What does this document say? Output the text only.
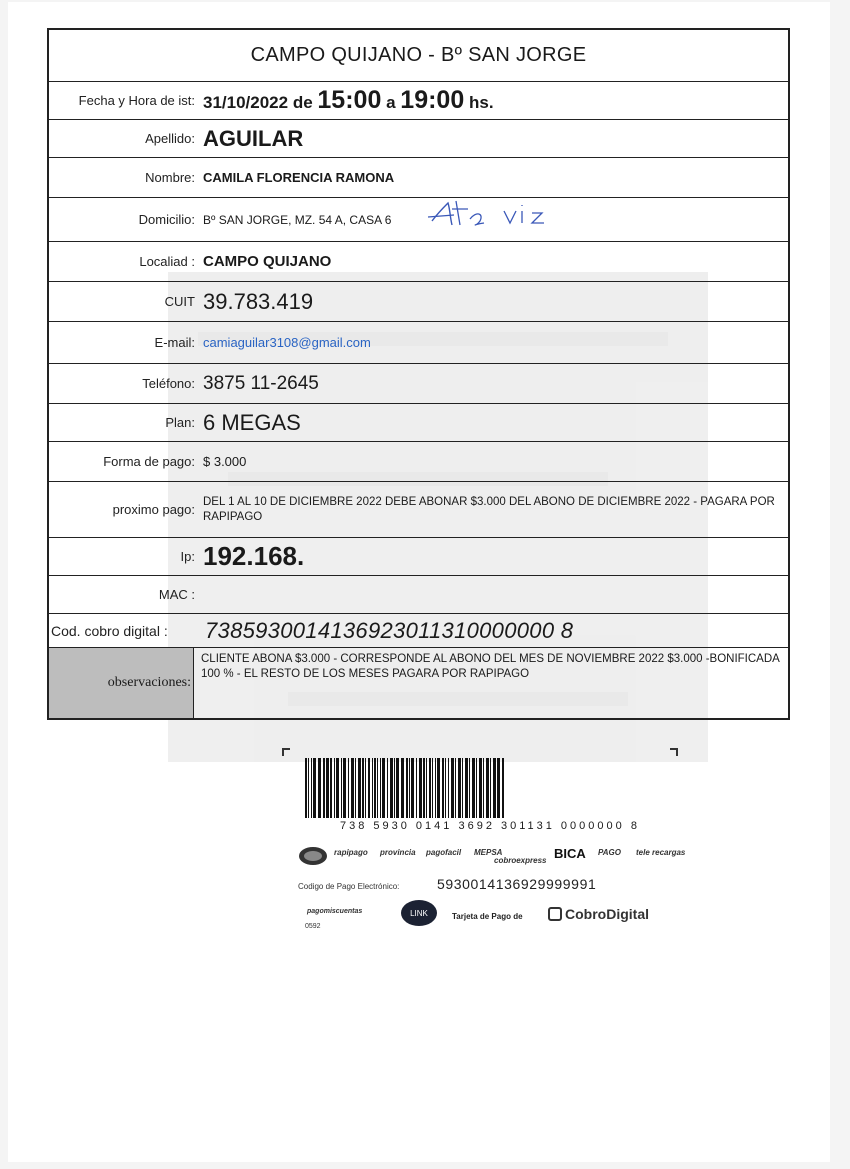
CAMPO QUIJANO - Bº SAN JORGE
Fecha y Hora de ist: 31/10/2022 de 15:00 a 19:00 hs.
Apellido: AGUILAR
Nombre: CAMILA FLORENCIA RAMONA
Domicilio: Bº SAN JORGE, MZ. 54 A, CASA 6
Localiad : CAMPO QUIJANO
CUIT 39.783.419
E-mail: camiaguilar3108@gmail.com
Teléfono: 3875 11-2645
Plan: 6 MEGAS
Forma de pago: $ 3.000
proximo pago:
DEL 1 AL 10 DE DICIEMBRE 2022 DEBE ABONAR $3.000 DEL ABONO DE DICIEMBRE 2022 - PAGARA POR RAPIPAGO
Ip: 192.168.
MAC :
Cod. cobro digital :	7385930014136923011310000000 8
observaciones:
CLIENTE ABONA $3.000 - CORRESPONDE AL ABONO DEL MES DE NOVIEMBRE 2022 $3.000 -BONIFICADA 100 % - EL RESTO DE LOS MESES PAGARA POR RAPIPAGO
738 5930 0141 3692 301131 0000000 8
rapipago provincia pagofacil MEPSA
cobroexpress BICA PAGO tele recargas
Codigo de Pago Electrónico:	5930014136929999991
pagomiscuentas
0592
LINK	Tarjeta de Pago de	CobroDigital
